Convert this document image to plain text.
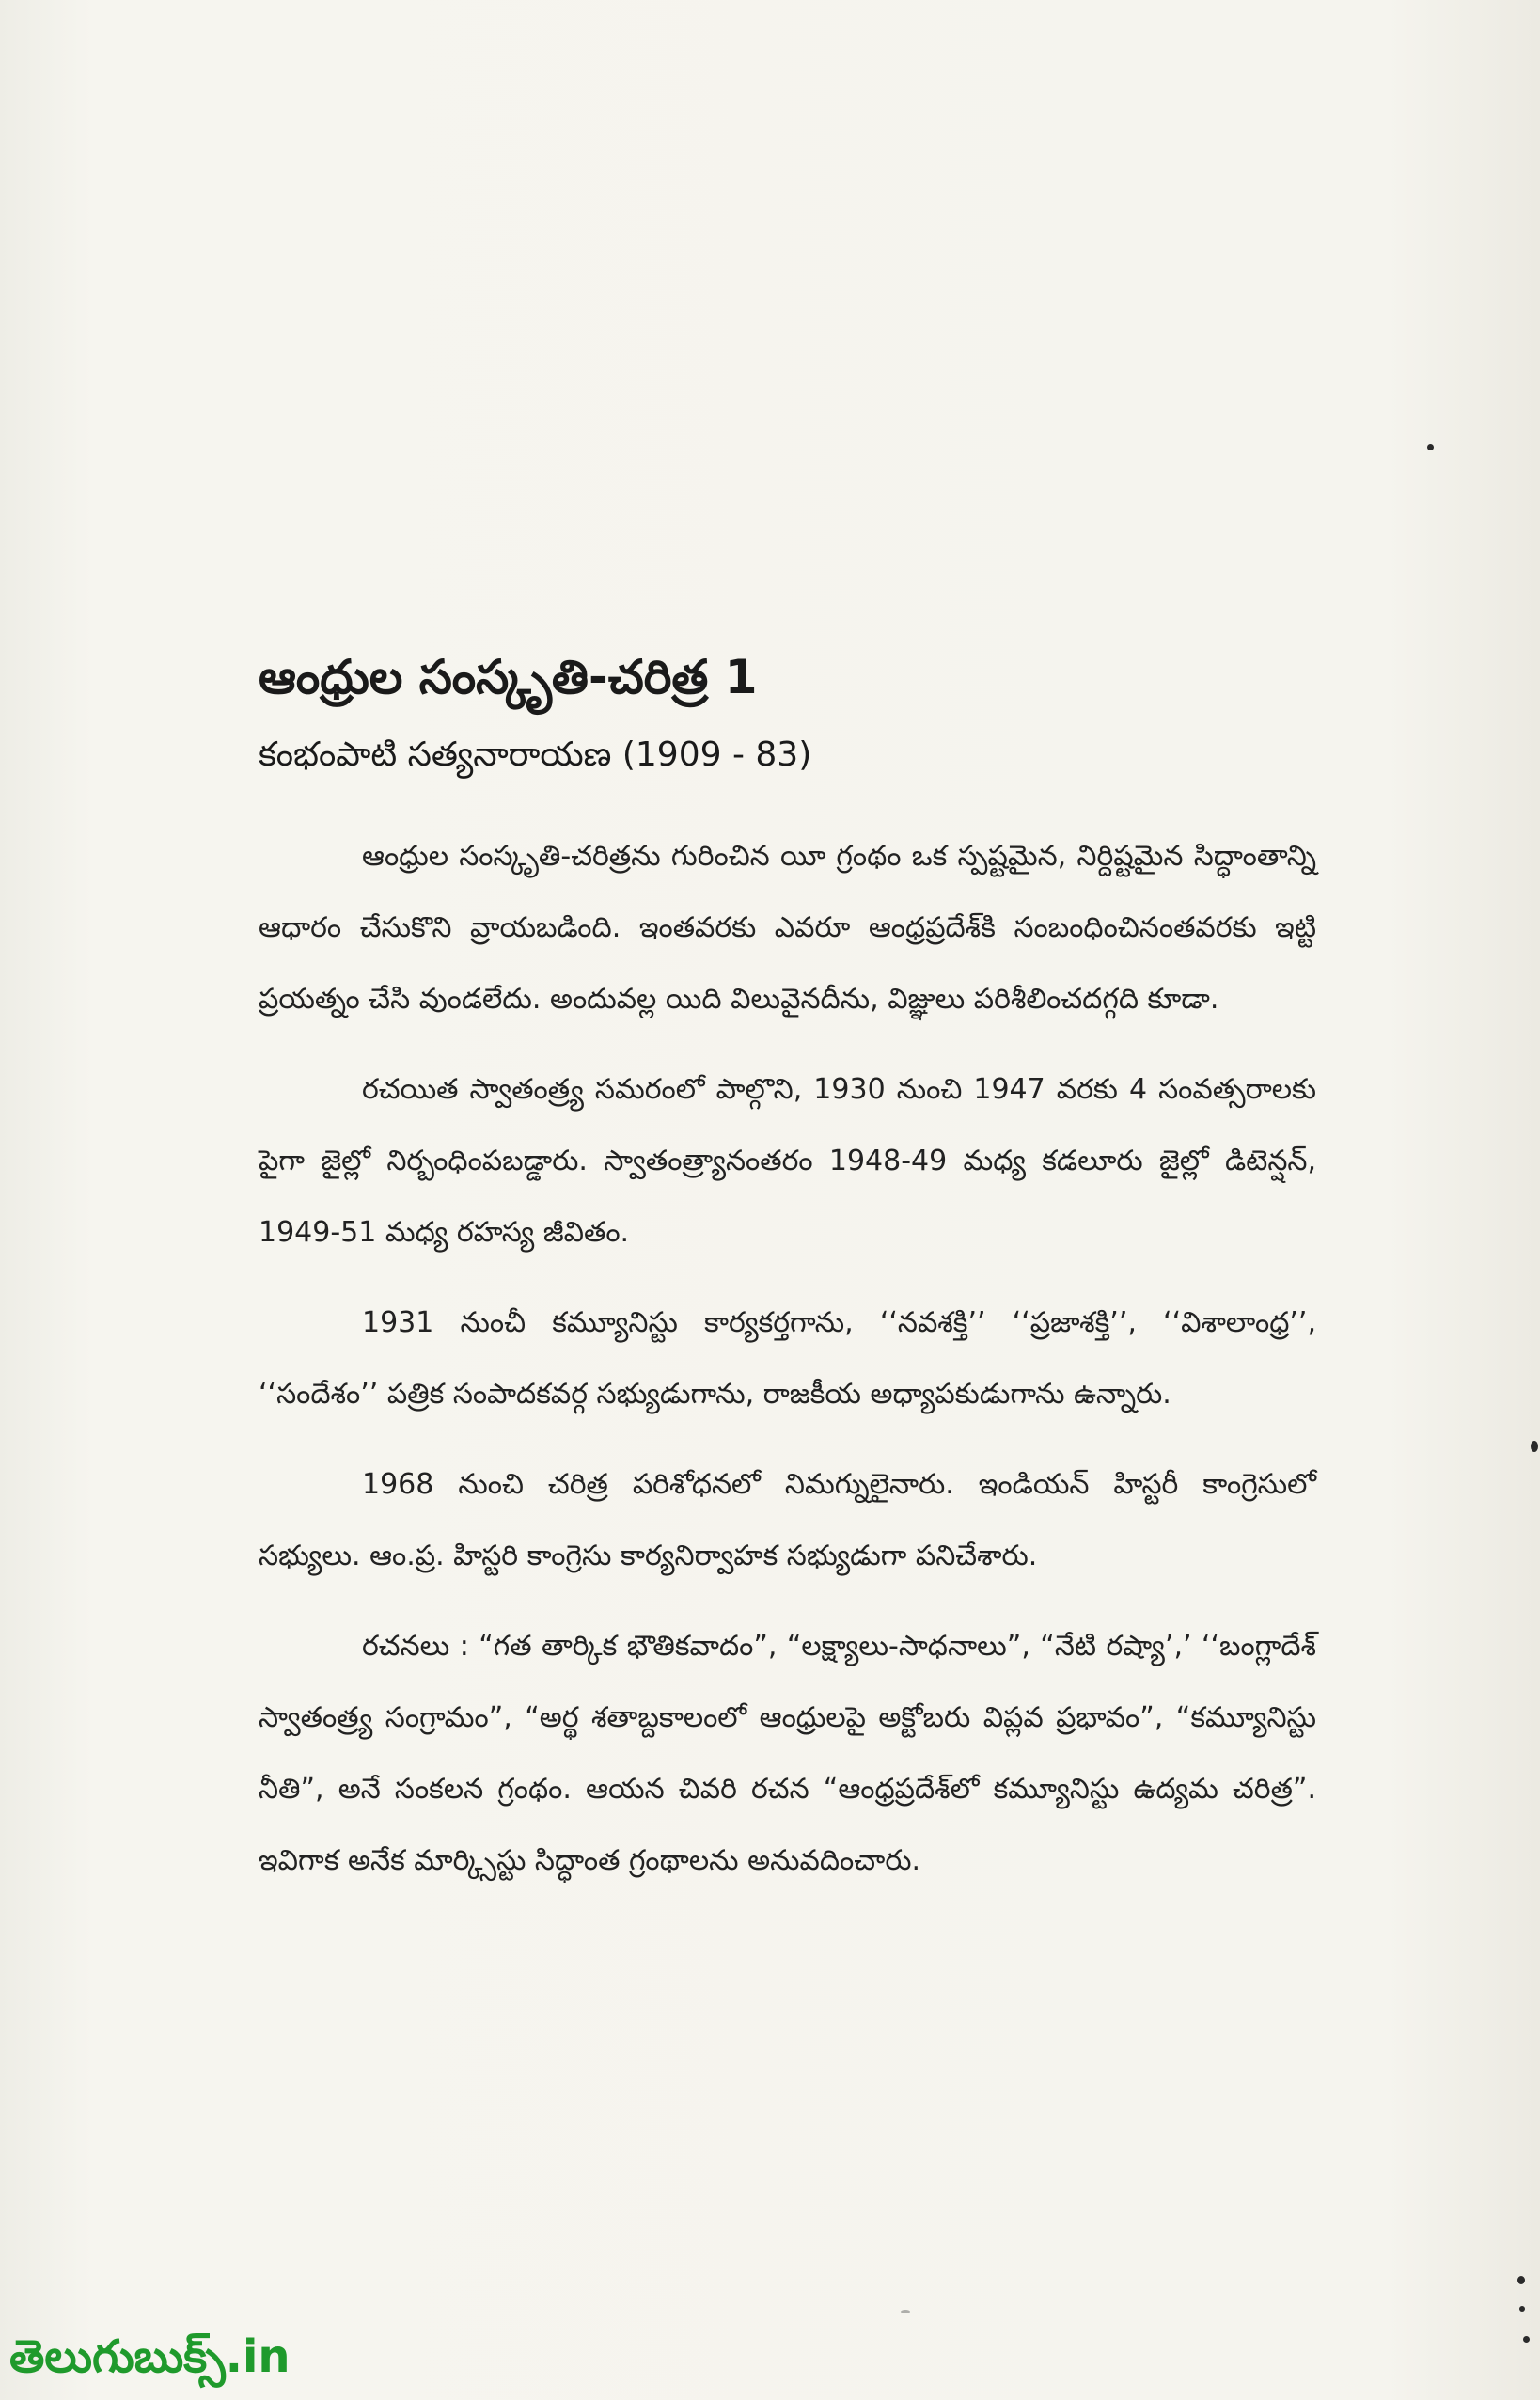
ఆంధ్రుల సంస్కృతి-చరిత్ర 1
కంభంపాటి సత్యనారాయణ (1909 - 83)

ఆంధ్రుల సంస్కృతి-చరిత్రను గురించిన యీ గ్రంథం ఒక స్పష్టమైన, నిర్దిష్టమైన సిద్ధాంతాన్ని ఆధారం చేసుకొని వ్రాయబడింది. ఇంతవరకు ఎవరూ ఆంధ్రప్రదేశ్‌కి సంబంధించినంతవరకు ఇట్టి ప్రయత్నం చేసి వుండలేదు. అందువల్ల యిది విలువైనదీను, విజ్ఞులు పరిశీలించదగ్గది కూడా.

రచయిత స్వాతంత్ర్య సమరంలో పాల్గొని, 1930 నుంచి 1947 వరకు 4 సంవత్సరాలకు పైగా జైల్లో నిర్బంధింపబడ్డారు. స్వాతంత్ర్యానంతరం 1948-49 మధ్య కడలూరు జైల్లో డిటెన్షన్, 1949-51 మధ్య రహస్య జీవితం.

1931 నుంచీ కమ్యూనిస్టు కార్యకర్తగాను, ‘‘నవశక్తి’’ ‘‘ప్రజాశక్తి’’, ‘‘విశాలాంధ్ర’’, ‘‘సందేశం’’ పత్రిక సంపాదకవర్గ సభ్యుడుగాను, రాజకీయ అధ్యాపకుడుగాను ఉన్నారు.

1968 నుంచి చరిత్ర పరిశోధనలో నిమగ్నులైనారు. ఇండియన్ హిస్టరీ కాంగ్రెసులో సభ్యులు. ఆం.ప్ర. హిస్టరి కాంగ్రెసు కార్యనిర్వాహక సభ్యుడుగా పనిచేశారు.

రచనలు : “గత తార్కిక భౌతికవాదం”, “లక్ష్యాలు-సాధనాలు”, “నేటి రష్యా’,’ ‘‘బంగ్లాదేశ్ స్వాతంత్ర్య సంగ్రామం”, “అర్థ శతాబ్దకాలంలో ఆంధ్రులపై అక్టోబరు విప్లవ ప్రభావం”, “కమ్యూనిస్టు నీతి”, అనే సంకలన గ్రంథం. ఆయన చివరి రచన “ఆంధ్రప్రదేశ్‌లో కమ్యూనిస్టు ఉద్యమ చరిత్ర”. ఇవిగాక అనేక మార్క్సిస్టు సిద్ధాంత గ్రంథాలను అనువదించారు.

తెలుగుబుక్స్.in
